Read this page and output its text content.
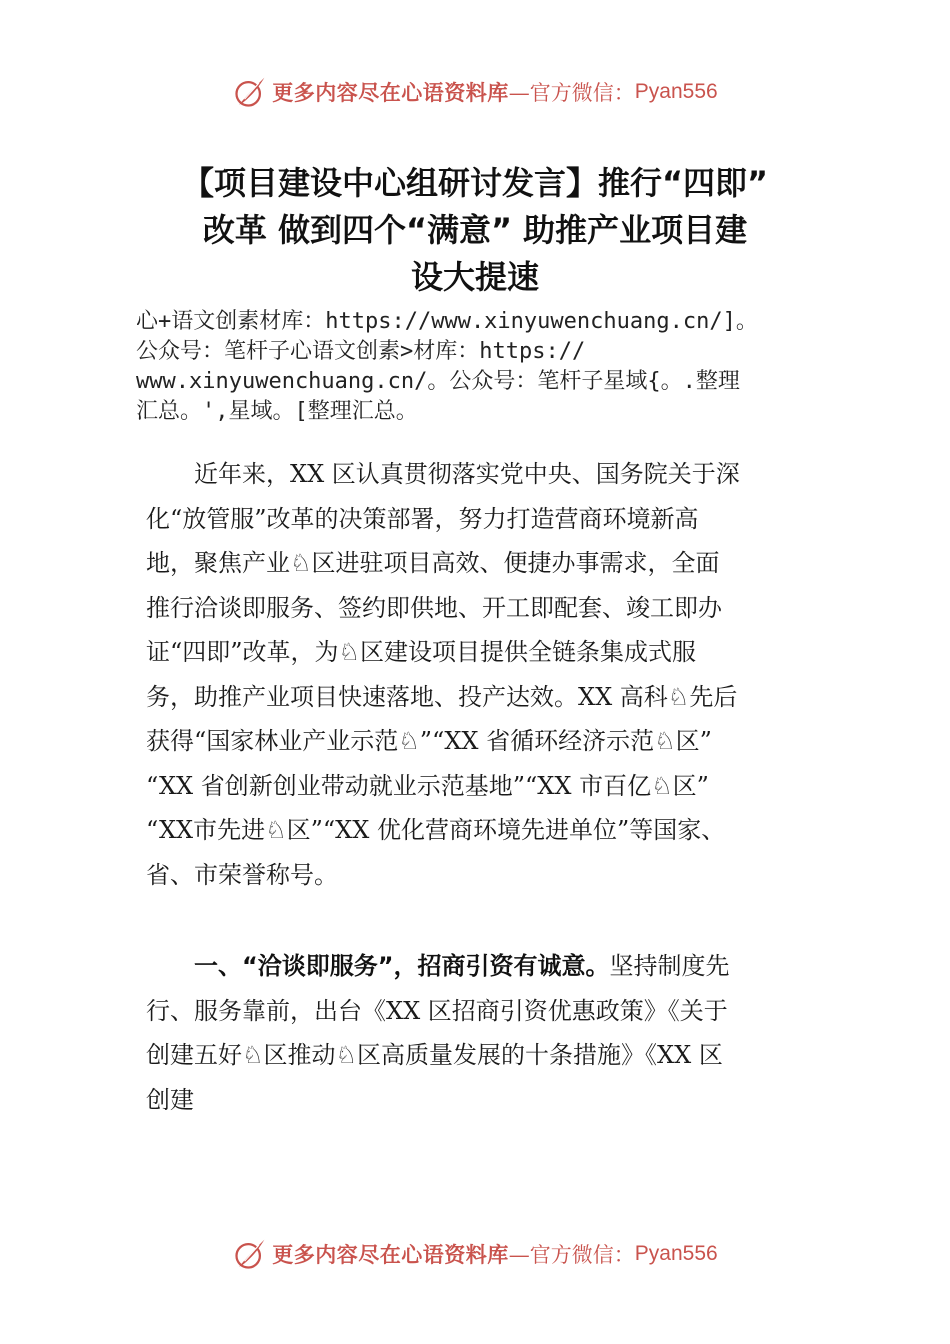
更多内容尽在心语资料库 —官方微信： Pyan556
【项目建设中心组研讨发言】推行“四即”
改革 做到四个“满意” 助推产业项目建
设大提速
心+语文创素材库：https://www.xinyuwenchuang.cn/]。
公众号：笔杆子心语文创素>材库：https://
www.xinyuwenchuang.cn/。公众号：笔杆子星域{。.整理
汇总。',星域。[整理汇总。
近年来，XX 区认真贯彻落实党中央、国务院关于深
化“放管服”改革的决策部署，努力打造营商环境新高
地，聚焦产业♘区进驻项目高效、便捷办事需求，全面
推行洽谈即服务、签约即供地、开工即配套、竣工即办
证“四即”改革，为♘区建设项目提供全链条集成式服
务，助推产业项目快速落地、投产达效。XX 高科♘先后
获得“国家林业产业示范♘”“XX 省循环经济示范♘区”
“XX 省创新创业带动就业示范基地”“XX 市百亿♘区”
“XX市先进♘区”“XX 优化营商环境先进单位”等国家、
省、市荣誉称号。
一、“洽谈即服务”，招商引资有诚意。坚持制度先
行、服务靠前，出台《XX 区招商引资优惠政策》《关于
创建五好♘区推动♘区高质量发展的十条措施》《XX 区
创建
更多内容尽在心语资料库 —官方微信： Pyan556
